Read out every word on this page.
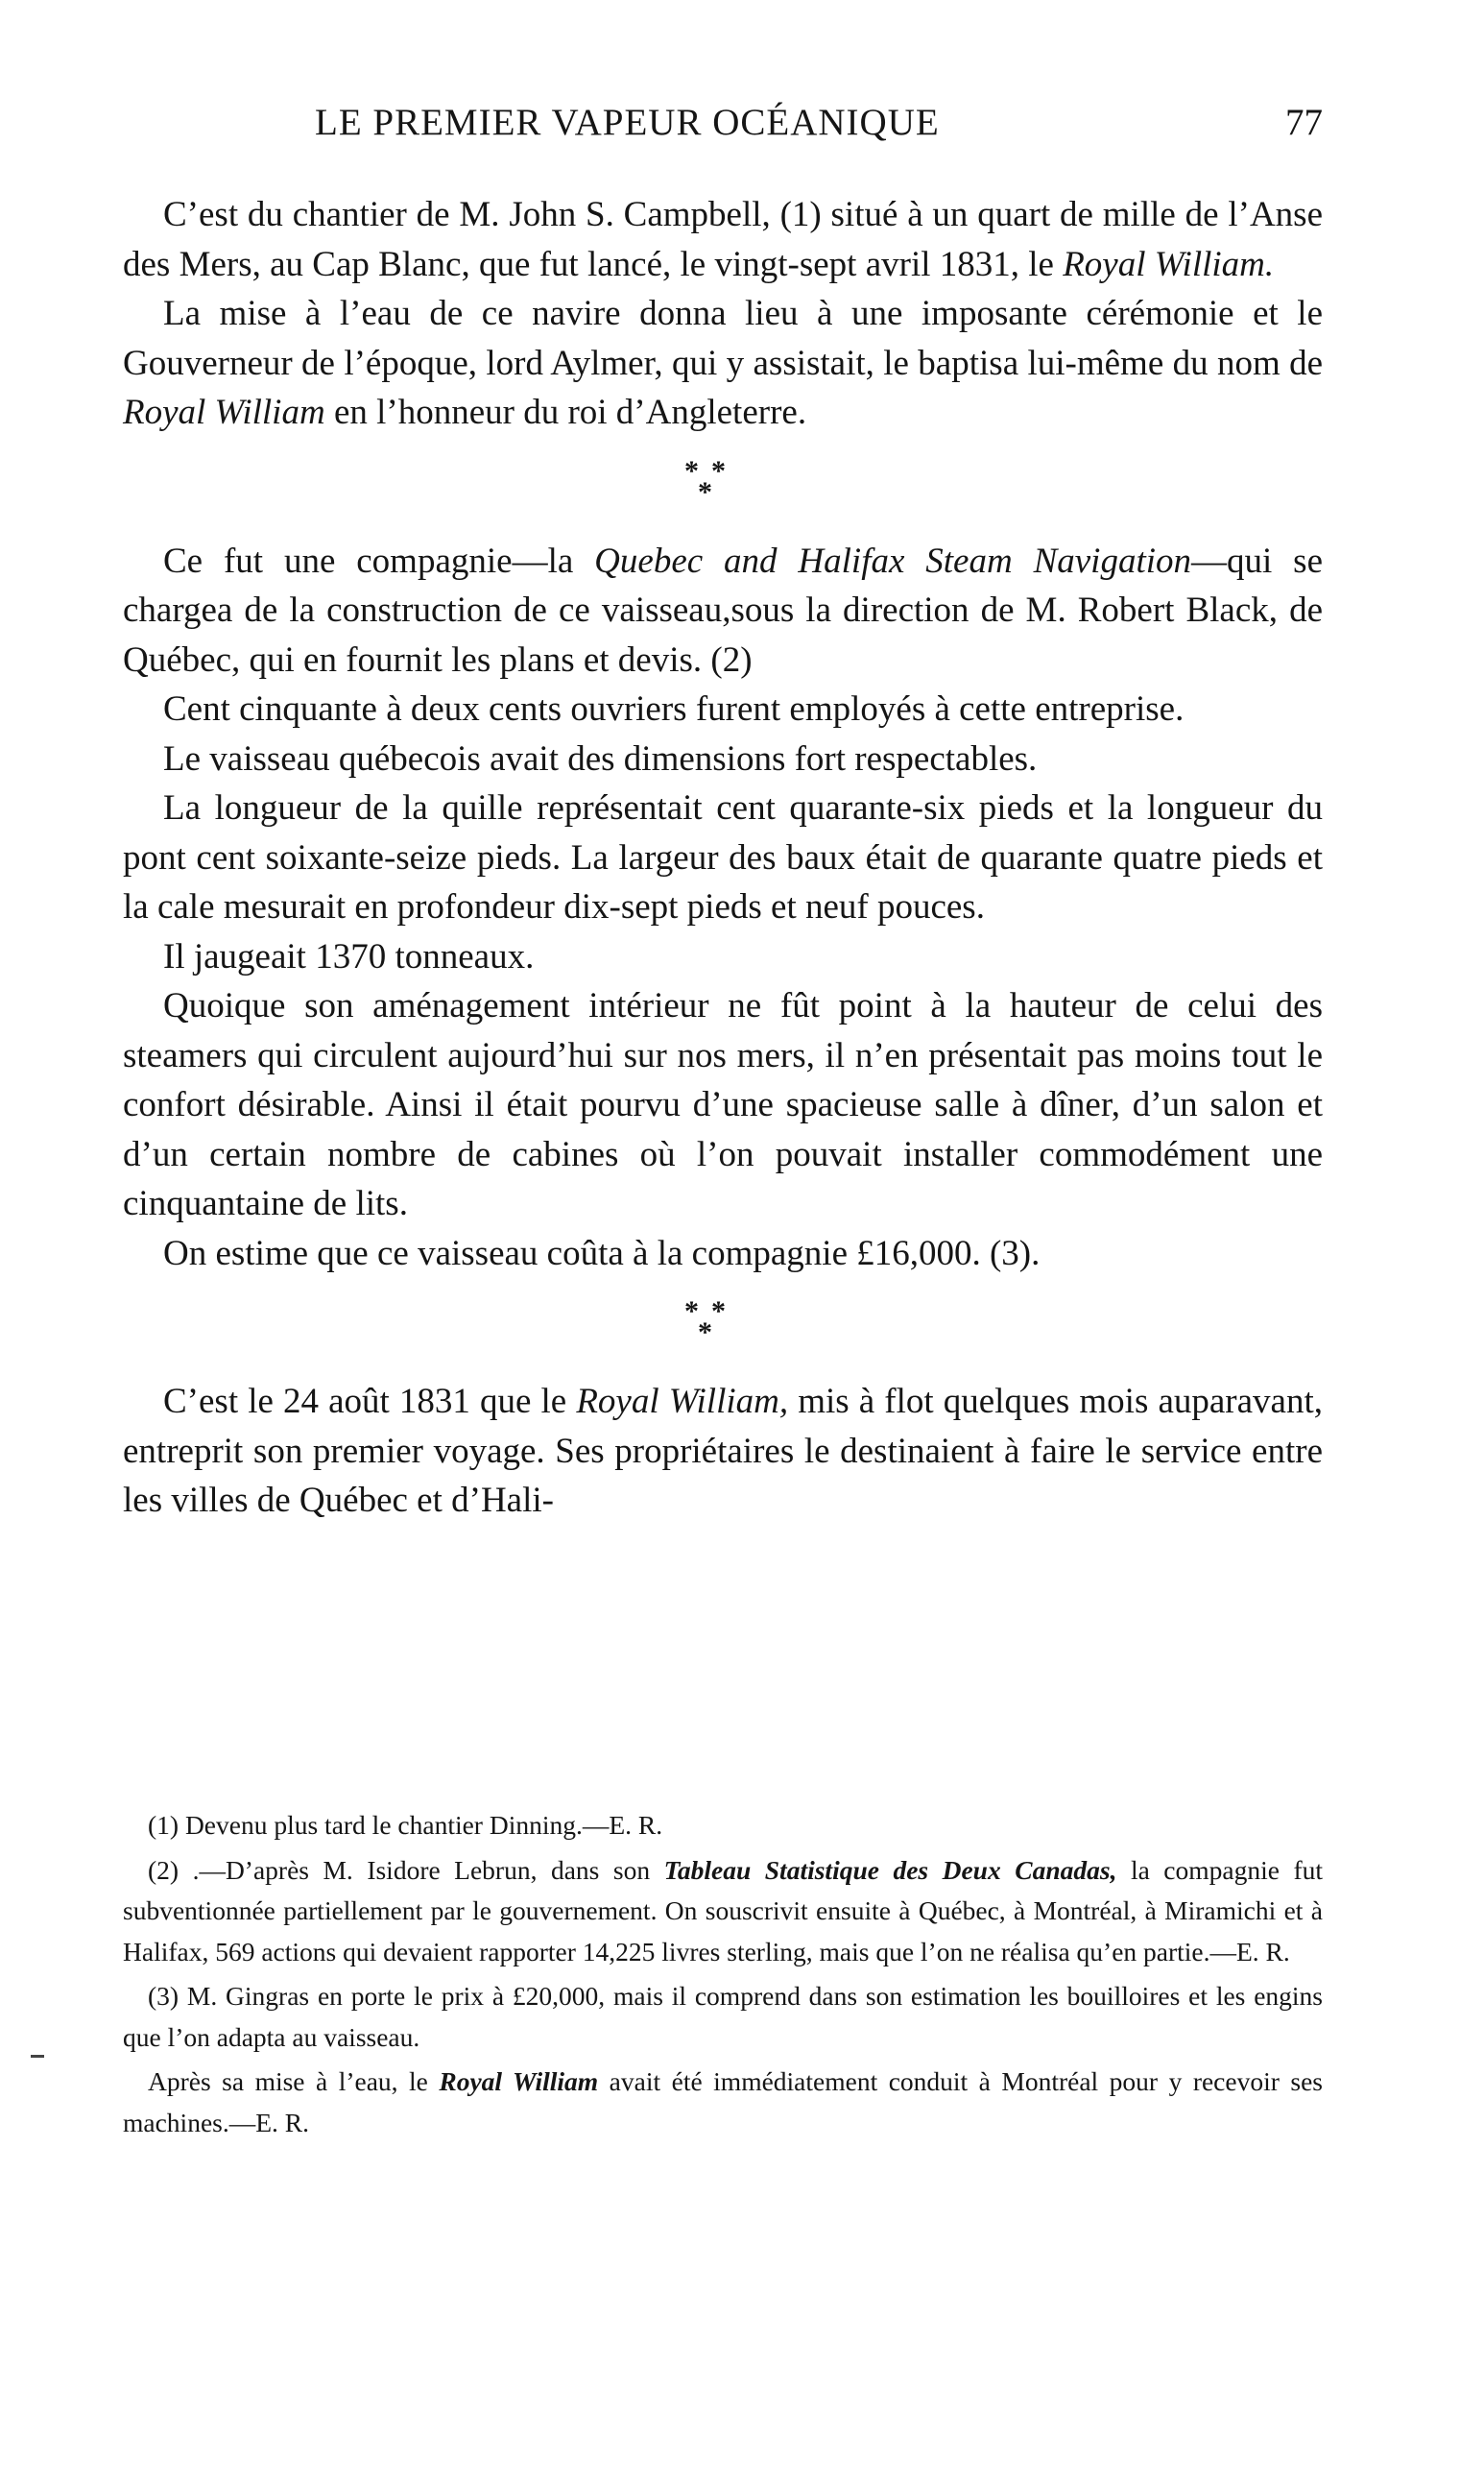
LE PREMIER VAPEUR OCÉANIQUE	77

C’est du chantier de M. John S. Campbell, (1) situé à un quart de mille de l’Anse des Mers, au Cap Blanc, que fut lancé, le vingt-sept avril 1831, le Royal William.

La mise à l’eau de ce navire donna lieu à une imposante cérémonie et le Gouverneur de l’époque, lord Aylmer, qui y assistait, le baptisa lui-même du nom de Royal William en l’honneur du roi d’Angleterre.

* *
*

Ce fut une compagnie—la Quebec and Halifax Steam Navigation—qui se chargea de la construction de ce vaisseau,sous la direction de M. Robert Black, de Québec, qui en fournit les plans et devis. (2)

Cent cinquante à deux cents ouvriers furent employés à cette entreprise.

Le vaisseau québecois avait des dimensions fort respectables.

La longueur de la quille représentait cent quarante-six pieds et la longueur du pont cent soixante-seize pieds. La largeur des baux était de quarante quatre pieds et la cale mesurait en profondeur dix-sept pieds et neuf pouces.

Il jaugeait 1370 tonneaux.

Quoique son aménagement intérieur ne fût point à la hauteur de celui des steamers qui circulent aujourd’hui sur nos mers, il n’en présentait pas moins tout le confort désirable. Ainsi il était pourvu d’une spacieuse salle à dîner, d’un salon et d’un certain nombre de cabines où l’on pouvait installer commodément une cinquantaine de lits.

On estime que ce vaisseau coûta à la compagnie £16,000. (3).

* *
*

C’est le 24 août 1831 que le Royal William, mis à flot quelques mois auparavant, entreprit son premier voyage. Ses propriétaires le destinaient à faire le service entre les villes de Québec et d’Hali-

(1) Devenu plus tard le chantier Dinning.—E. R.

(2) .—D’après M. Isidore Lebrun, dans son Tableau Statistique des Deux Canadas, la compagnie fut subventionnée partiellement par le gouvernement. On souscrivit ensuite à Québec, à Montréal, à Miramichi et à Halifax, 569 actions qui devaient rapporter 14,225 livres sterling, mais que l’on ne réalisa qu’en partie.—E. R.

(3) M. Gingras en porte le prix à £20,000, mais il comprend dans son estimation les bouilloires et les engins que l’on adapta au vaisseau.

Après sa mise à l’eau, le Royal William avait été immédiatement conduit à Montréal pour y recevoir ses machines.—E. R.
